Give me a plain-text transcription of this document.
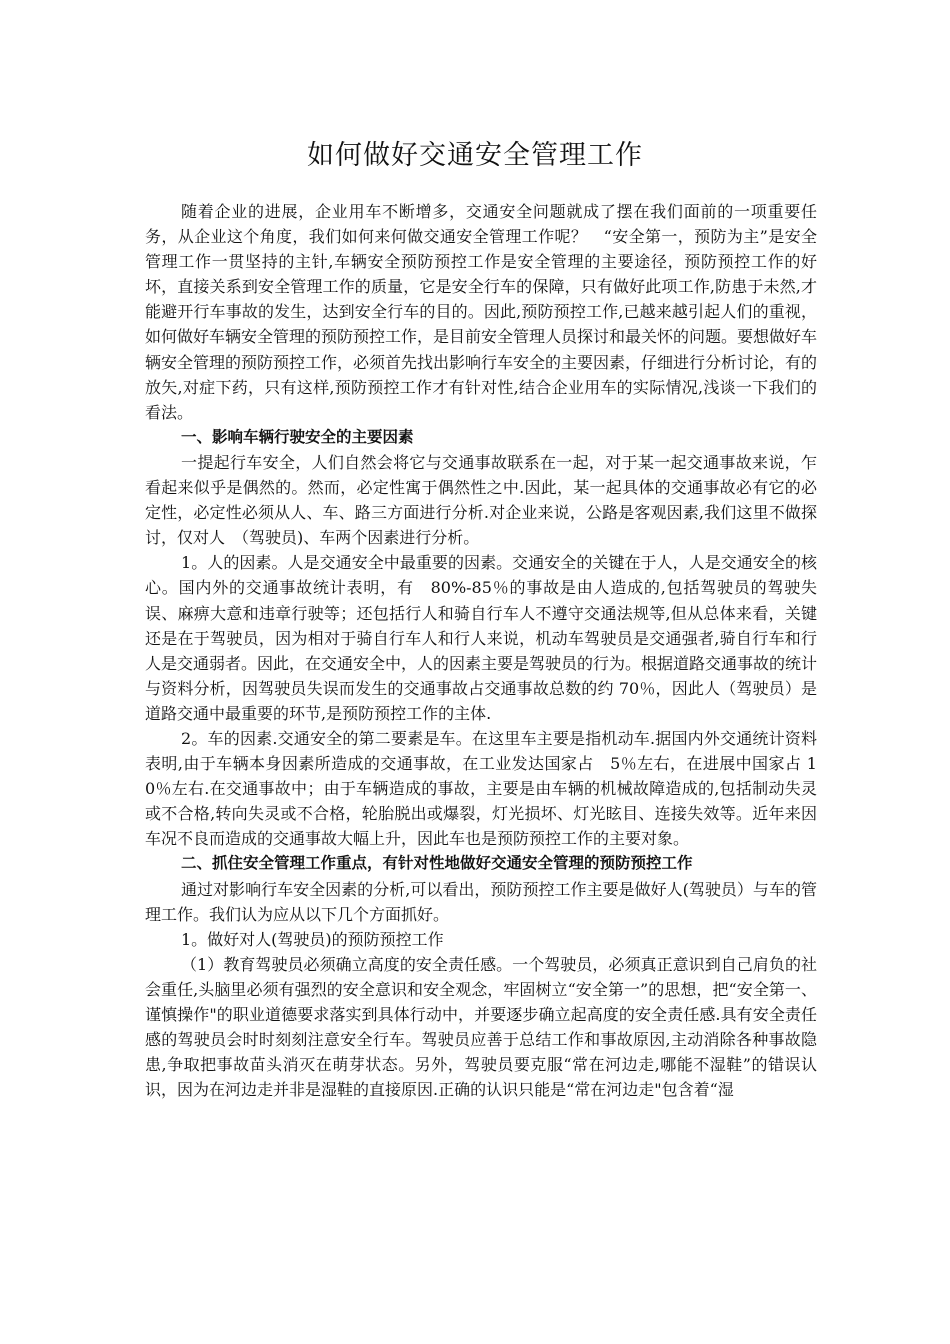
如何做好交通安全管理工作

随着企业的进展，企业用车不断增多，交通安全问题就成了摆在我们面前的一项重要任务，从企业这个角度，我们如何来何做交通安全管理工作呢？　“安全第一，预防为主”是安全管理工作一贯坚持的主针,车辆安全预防预控工作是安全管理的主要途径，预防预控工作的好坏，直接关系到安全管理工作的质量，它是安全行车的保障，只有做好此项工作,防患于未然,才能避开行车事故的发生，达到安全行车的目的。因此,预防预控工作,已越来越引起人们的重视，如何做好车辆安全管理的预防预控工作，是目前安全管理人员探讨和最关怀的问题。要想做好车辆安全管理的预防预控工作，必须首先找出影响行车安全的主要因素，仔细进行分析讨论，有的放矢,对症下药，只有这样,预防预控工作才有针对性,结合企业用车的实际情况,浅谈一下我们的看法。

一、影响车辆行驶安全的主要因素

一提起行车安全，人们自然会将它与交通事故联系在一起，对于某一起交通事故来说，乍看起来似乎是偶然的。然而，必定性寓于偶然性之中.因此，某一起具体的交通事故必有它的必定性，必定性必须从人、车、路三方面进行分析.对企业来说，公路是客观因素,我们这里不做探讨，仅对人　（驾驶员)、车两个因素进行分析。

1。人的因素。人是交通安全中最重要的因素。交通安全的关键在于人，人是交通安全的核心。国内外的交通事故统计表明，有　80%-85％的事故是由人造成的,包括驾驶员的驾驶失误、麻痹大意和违章行驶等；还包括行人和骑自行车人不遵守交通法规等,但从总体来看，关键还是在于驾驶员，因为相对于骑自行车人和行人来说，机动车驾驶员是交通强者,骑自行车和行人是交通弱者。因此，在交通安全中，人的因素主要是驾驶员的行为。根据道路交通事故的统计与资料分析，因驾驶员失误而发生的交通事故占交通事故总数的约 70％，因此人（驾驶员）是道路交通中最重要的环节,是预防预控工作的主体.

2。车的因素.交通安全的第二要素是车。在这里车主要是指机动车.据国内外交通统计资料表明,由于车辆本身因素所造成的交通事故，在工业发达国家占　5％左右，在进展中国家占 10％左右.在交通事故中；由于车辆造成的事故，主要是由车辆的机械故障造成的,包括制动失灵或不合格,转向失灵或不合格，轮胎脱出或爆裂，灯光损坏、灯光眩目、连接失效等。近年来因车况不良而造成的交通事故大幅上升，因此车也是预防预控工作的主要对象。

二、抓住安全管理工作重点，有针对性地做好交通安全管理的预防预控工作

通过对影响行车安全因素的分析,可以看出，预防预控工作主要是做好人(驾驶员）与车的管理工作。我们认为应从以下几个方面抓好。

1。做好对人(驾驶员)的预防预控工作

（1）教育驾驶员必须确立高度的安全责任感。一个驾驶员，必须真正意识到自己肩负的社会重任,头脑里必须有强烈的安全意识和安全观念，牢固树立“安全第一”的思想，把“安全第一、谨慎操作"的职业道德要求落实到具体行动中，并要逐步确立起高度的安全责任感.具有安全责任感的驾驶员会时时刻刻注意安全行车。驾驶员应善于总结工作和事故原因,主动消除各种事故隐患,争取把事故苗头消灭在萌芽状态。另外，驾驶员要克服“常在河边走,哪能不湿鞋”的错误认识，因为在河边走并非是湿鞋的直接原因.正确的认识只能是“常在河边走"包含着“湿
